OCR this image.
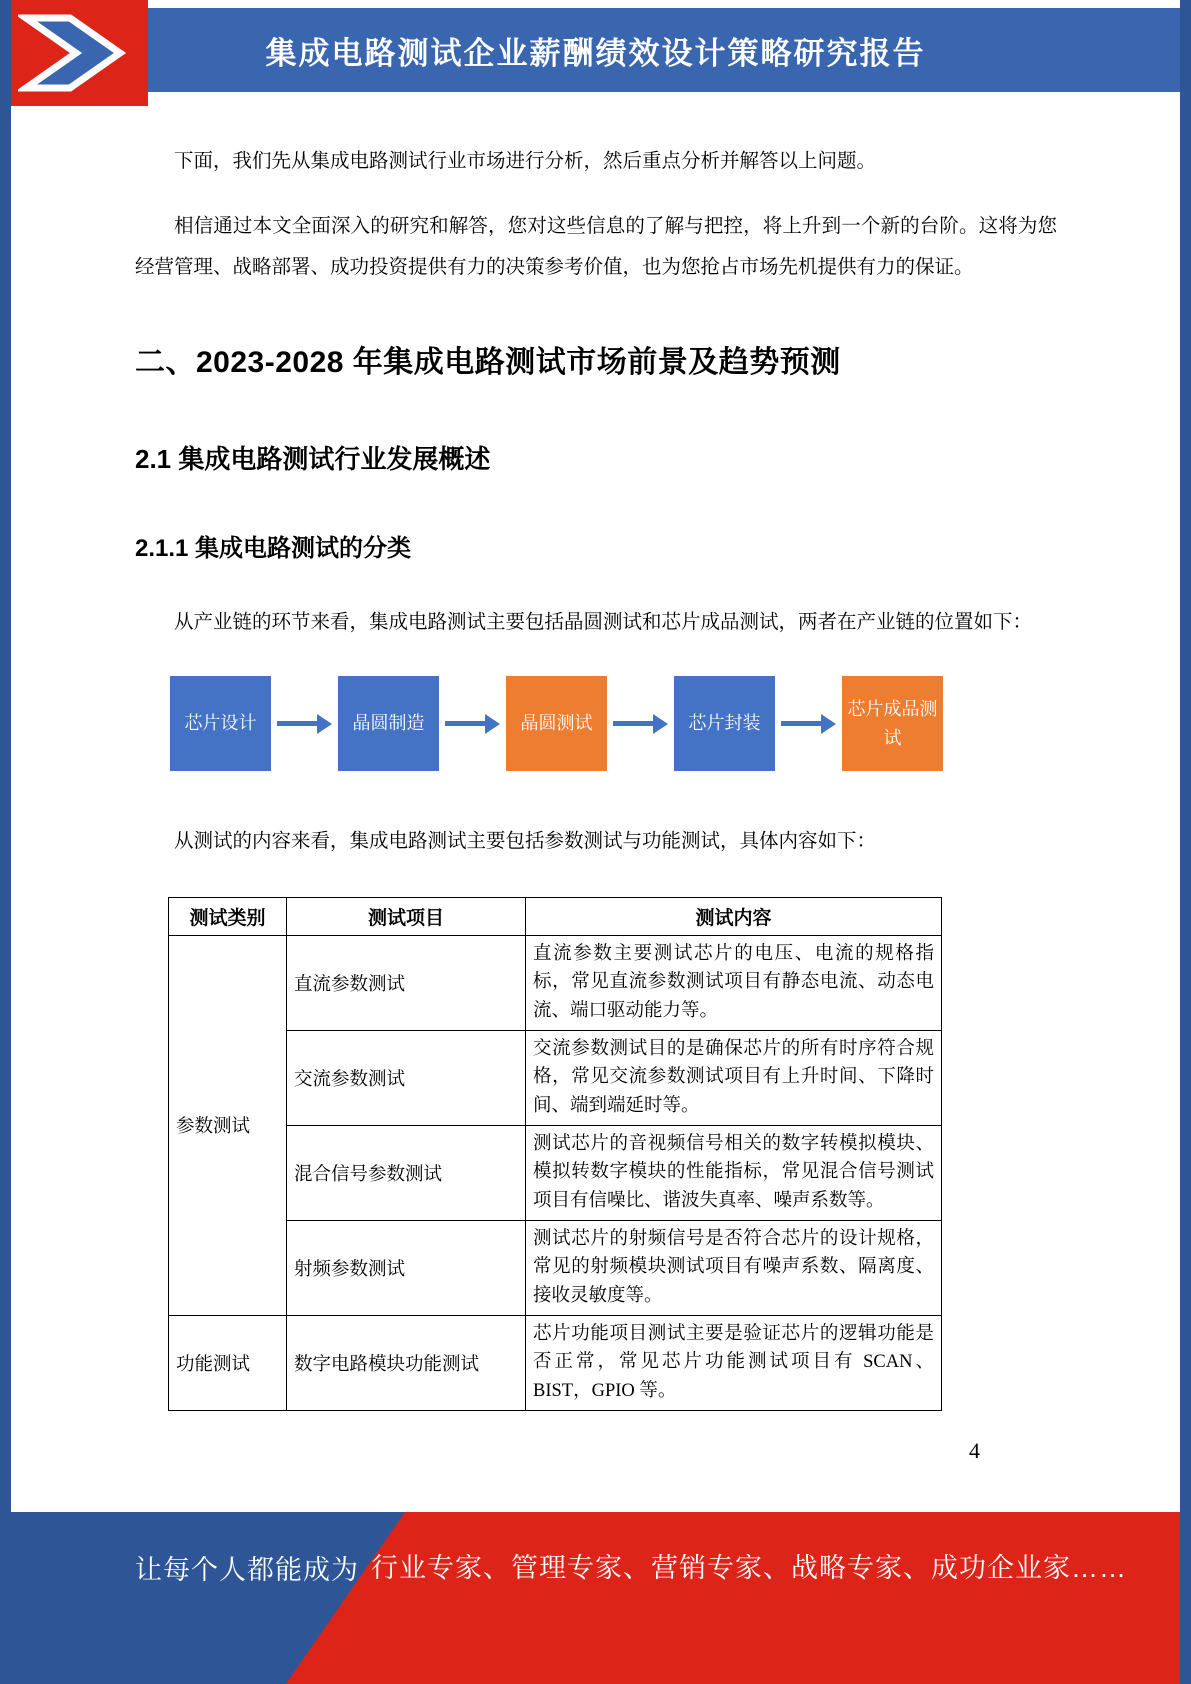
集成电路测试企业薪酬绩效设计策略研究报告

下面，我们先从集成电路测试行业市场进行分析，然后重点分析并解答以上问题。

相信通过本文全面深入的研究和解答，您对这些信息的了解与把控，将上升到一个新的台阶。这将为您经营管理、战略部署、成功投资提供有力的决策参考价值，也为您抢占市场先机提供有力的保证。

二、2023-2028 年集成电路测试市场前景及趋势预测
2.1 集成电路测试行业发展概述
2.1.1 集成电路测试的分类

从产业链的环节来看，集成电路测试主要包括晶圆测试和芯片成品测试，两者在产业链的位置如下：

芯片设计	晶圆制造	晶圆测试	芯片封装
芯片成品测试

从测试的内容来看，集成电路测试主要包括参数测试与功能测试，具体内容如下：

测试类别	测试项目	测试内容
参数测试	直流参数测试	直流参数主要测试芯片的电压、电流的规格指标，常见直流参数测试项目有静态电流、动态电流、端口驱动能力等。
	交流参数测试	交流参数测试目的是确保芯片的所有时序符合规格，常见交流参数测试项目有上升时间、下降时间、端到端延时等。
	混合信号参数测试	测试芯片的音视频信号相关的数字转模拟模块、模拟转数字模块的性能指标，常见混合信号测试项目有信噪比、谐波失真率、噪声系数等。
	射频参数测试	测试芯片的射频信号是否符合芯片的设计规格，常见的射频模块测试项目有噪声系数、隔离度、接收灵敏度等。
功能测试	数字电路模块功能测试	芯片功能项目测试主要是验证芯片的逻辑功能是否正常，常见芯片功能测试项目有 SCAN、 BIST，GPIO 等。
4
让每个人都能成为 行业专家、管理专家、营销专家、战略专家、成功企业家……
